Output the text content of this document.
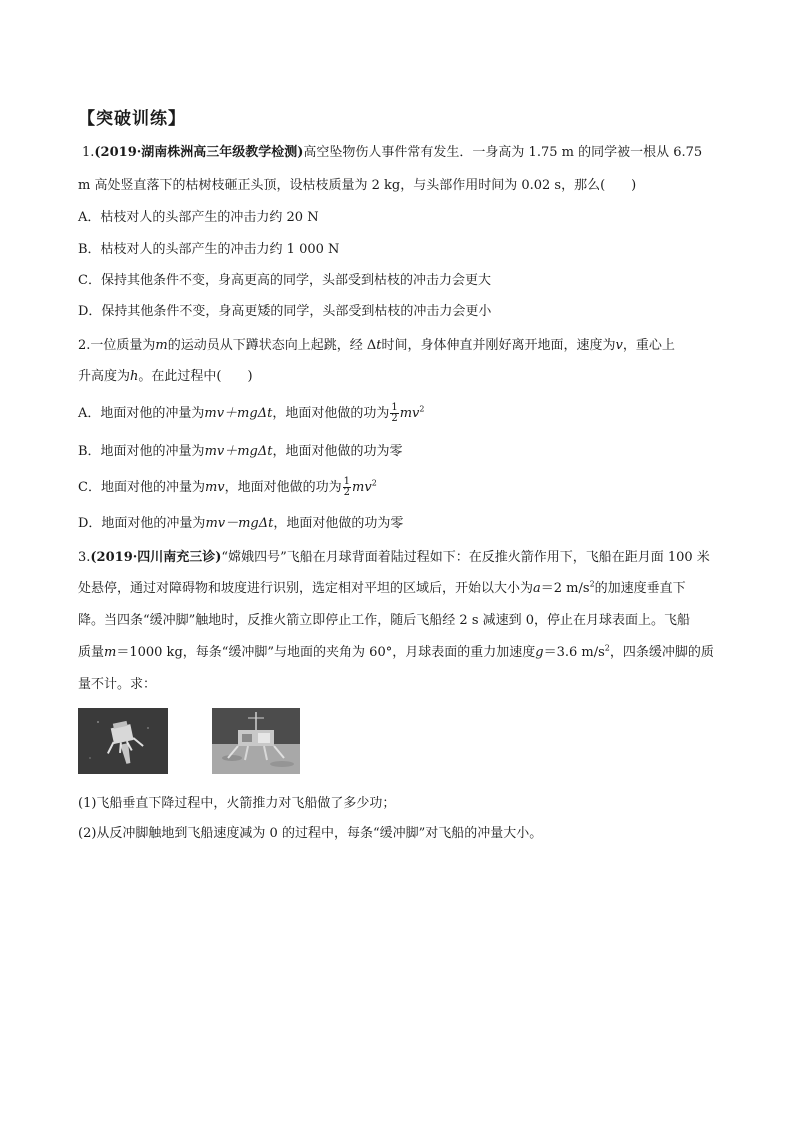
【突破训练】
1.(2019·湖南株洲高三年级教学检测)高空坠物伤人事件常有发生．一身高为 1.75 m 的同学被一根从 6.75
m 高处竖直落下的枯树枝砸正头顶，设枯枝质量为 2 kg，与头部作用时间为 0.02 s，那么(　　)
A．枯枝对人的头部产生的冲击力约 20 N
B．枯枝对人的头部产生的冲击力约 1 000 N
C．保持其他条件不变，身高更高的同学，头部受到枯枝的冲击力会更大
D．保持其他条件不变，身高更矮的同学，头部受到枯枝的冲击力会更小
2.一位质量为m的运动员从下蹲状态向上起跳，经 Δt时间，身体伸直并刚好离开地面，速度为v，重心上
升高度为h。在此过程中(　　)
A．地面对他的冲量为mv＋mgΔt，地面对他做的功为 $\frac{1}{2} mv^2$
B．地面对他的冲量为mv＋mgΔt，地面对他做的功为零
C．地面对他的冲量为mv，地面对他做的功为 $\frac{1}{2} mv^2$
D．地面对他的冲量为mv－mgΔt，地面对他做的功为零
3.(2019·四川南充三诊)“嫦娥四号”飞船在月球背面着陆过程如下：在反推火箭作用下，飞船在距月面 100 米
处悬停，通过对障碍物和坡度进行识别，选定相对平坦的区域后，开始以大小为a＝2 $m/s^2$的加速度垂直下
降。当四条“缓冲脚”触地时，反推火箭立即停止工作，随后飞船经 2 s 减速到 0，停止在月球表面上。飞船
质量m＝1000 kg，每条“缓冲脚”与地面的夹角为 60°，月球表面的重力加速度g＝3.6 $m/s^2$，四条缓冲脚的质
量不计。求：
(1)飞船垂直下降过程中，火箭推力对飞船做了多少功；
(2)从反冲脚触地到飞船速度减为 0 的过程中，每条“缓冲脚”对飞船的冲量大小。
